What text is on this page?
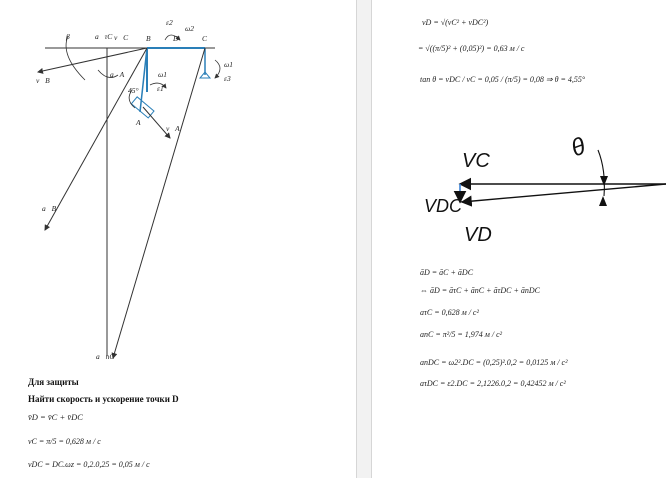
β	a⃗τC v⃗C
ε2
ω2
B	D	C
ω1
ε3
v⃗B
a⃗A	ω1
ε1
45°
A
v⃗A
a⃗B
a⃗nC
Для защиты
Найти скорость и ускорение точки D
v̄D = v̄C + v̄DC
vC = π/5 = 0,628 м / с
vDC = DC.ωz = 0,2.0,25 = 0,05 м / с
vD = √(vC² + vDC²)
= √((π/5)² + (0,05)²) = 0,63 м / с
tan θ = vDC / vC = 0,05 / (π/5) = 0,08 ⇒ θ = 4,55°
θ
VC
VDC
VD
āD = āC + āDC
⇔ āD = āτC + ānC + āτDC + ānDC
aτC = 0,628 м / с²
anC = π²/5 = 1,974 м / с²
anDC = ω2².DC = (0,25)².0,2 = 0,0125 м / с²
aτDC = ε2.DC = 2,1226.0,2 = 0,42452 м / с²
